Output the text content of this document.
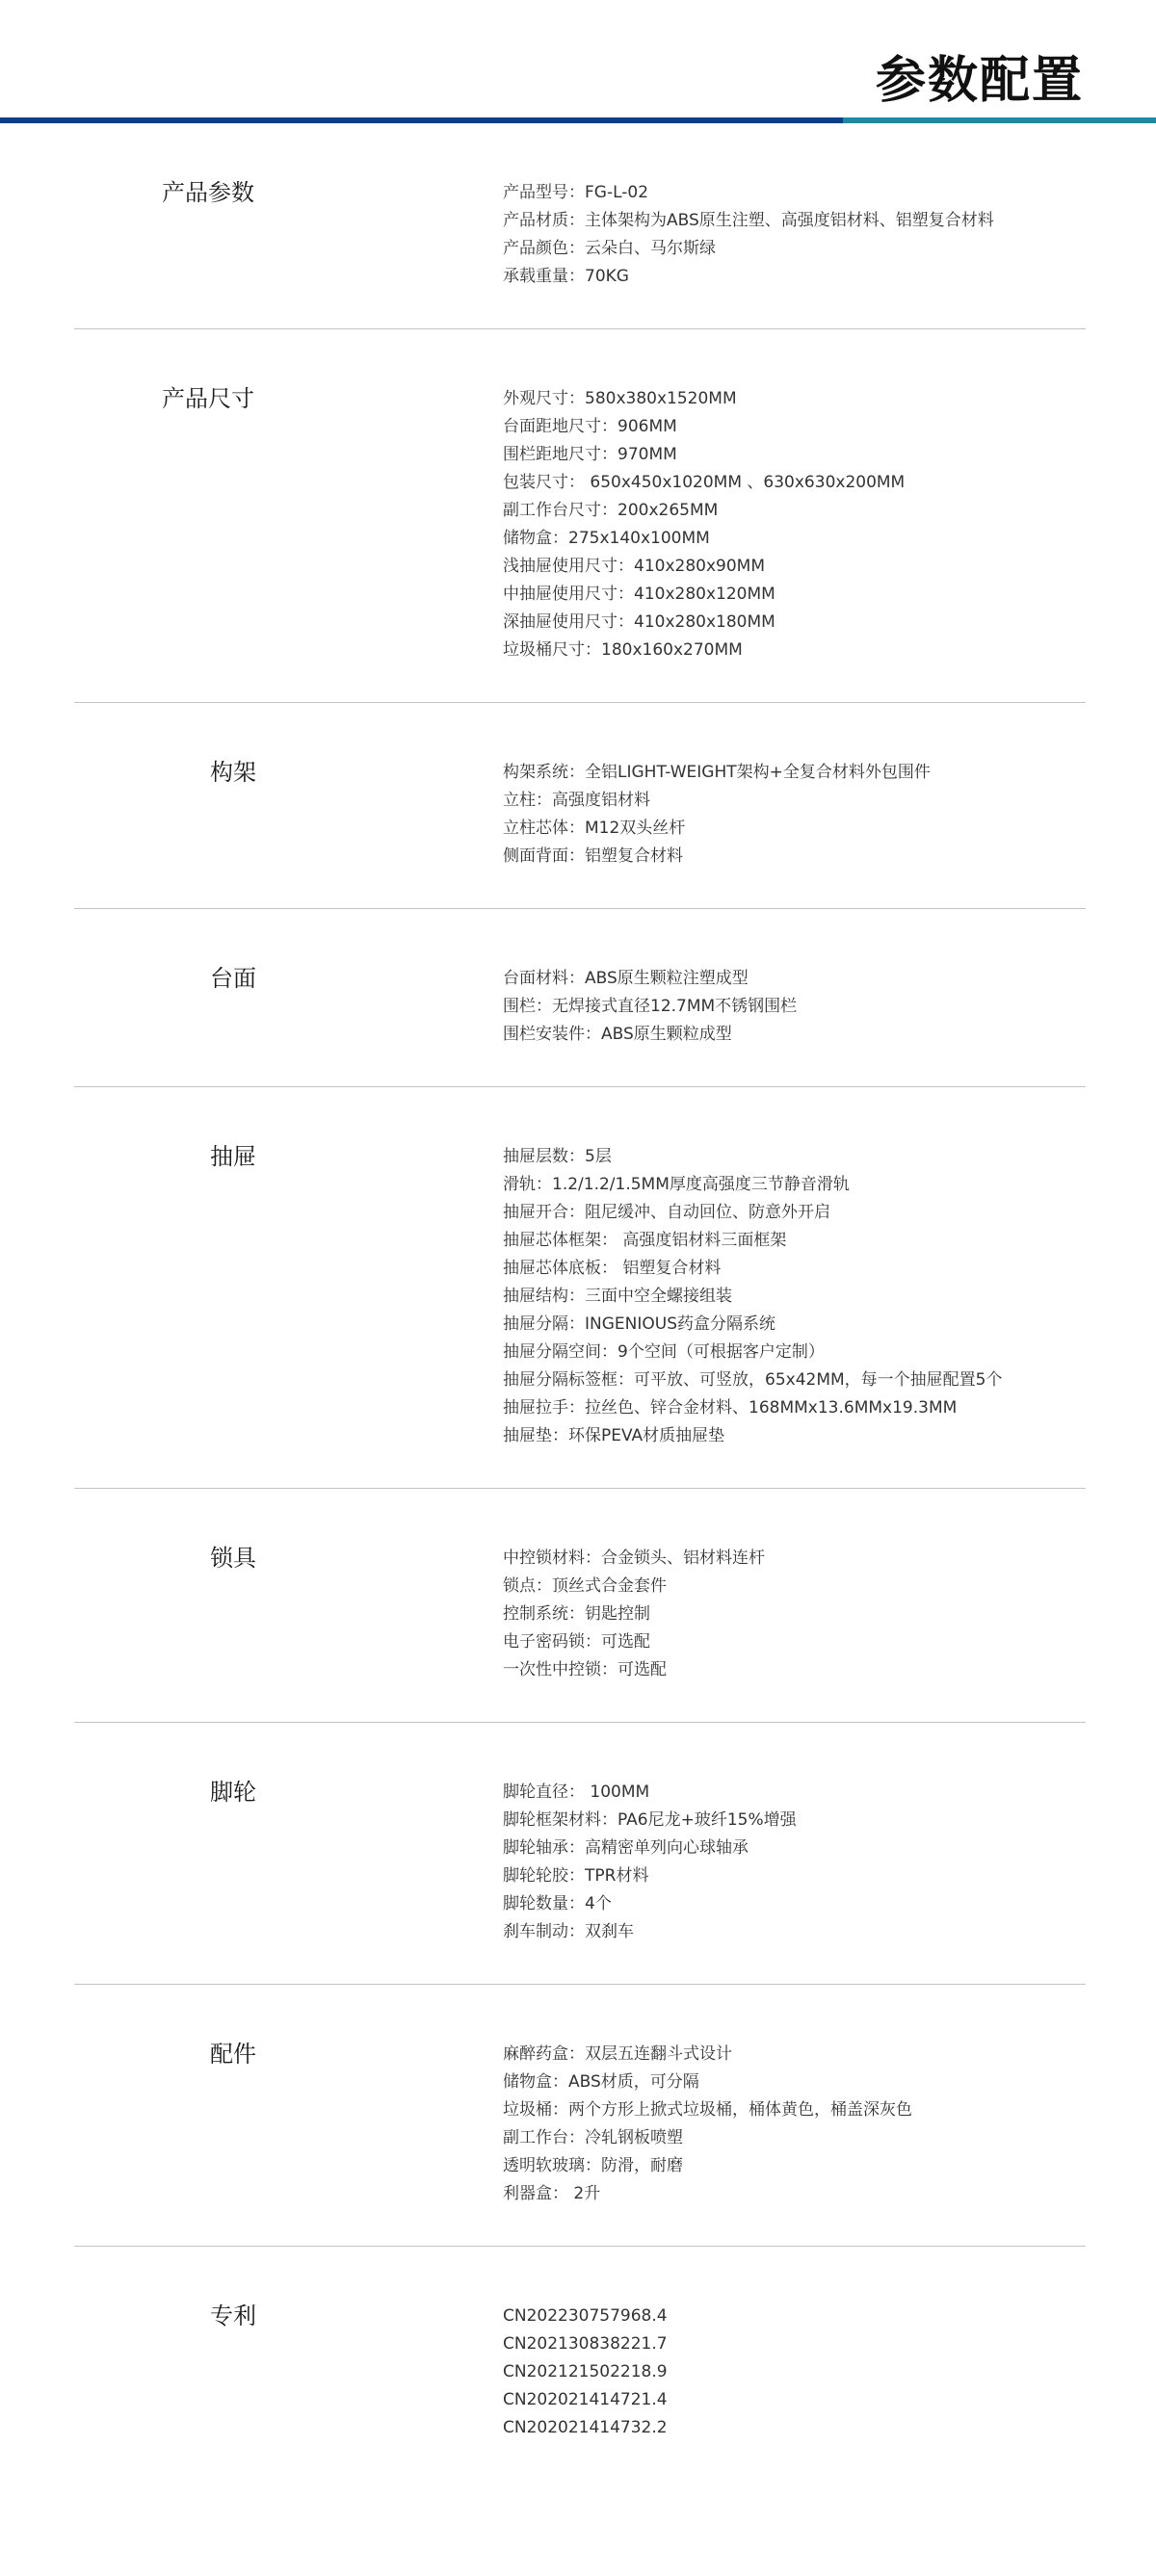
参数配置
产品参数	产品型号：FG-L-02
产品材质：主体架构为ABS原生注塑、高强度铝材料、铝塑复合材料
产品颜色：云朵白、马尔斯绿
承载重量：70KG
产品尺寸	外观尺寸：580x380x1520MM
台面距地尺寸：906MM
围栏距地尺寸：970MM
包装尺寸： 650x450x1020MM 、630x630x200MM
副工作台尺寸：200x265MM
储物盒：275x140x100MM
浅抽屉使用尺寸：410x280x90MM
中抽屉使用尺寸：410x280x120MM
深抽屉使用尺寸：410x280x180MM
垃圾桶尺寸：180x160x270MM
构架	构架系统：全铝LIGHT-WEIGHT架构+全复合材料外包围件
立柱：高强度铝材料
立柱芯体：M12双头丝杆
侧面背面：铝塑复合材料
台面	台面材料：ABS原生颗粒注塑成型
围栏：无焊接式直径12.7MM不锈钢围栏
围栏安装件：ABS原生颗粒成型
抽屉	抽屉层数：5层
滑轨：1.2/1.2/1.5MM厚度高强度三节静音滑轨
抽屉开合：阻尼缓冲、自动回位、防意外开启
抽屉芯体框架： 高强度铝材料三面框架
抽屉芯体底板： 铝塑复合材料
抽屉结构：三面中空全螺接组装
抽屉分隔：INGENIOUS药盒分隔系统
抽屉分隔空间：9个空间（可根据客户定制）
抽屉分隔标签框：可平放、可竖放，65x42MM，每一个抽屉配置5个
抽屉拉手：拉丝色、锌合金材料、168MMx13.6MMx19.3MM
抽屉垫：环保PEVA材质抽屉垫
锁具	中控锁材料：合金锁头、铝材料连杆
锁点：顶丝式合金套件
控制系统：钥匙控制
电子密码锁：可选配
一次性中控锁：可选配
脚轮	脚轮直径： 100MM
脚轮框架材料：PA6尼龙+玻纤15%增强
脚轮轴承：高精密单列向心球轴承
脚轮轮胶：TPR材料
脚轮数量：4个
刹车制动：双刹车
配件	麻醉药盒：双层五连翻斗式设计
储物盒：ABS材质，可分隔
垃圾桶：两个方形上掀式垃圾桶，桶体黄色，桶盖深灰色
副工作台：冷轧钢板喷塑
透明软玻璃：防滑，耐磨
利器盒： 2升
专利	CN202230757968.4
CN202130838221.7
CN202121502218.9
CN202021414721.4
CN202021414732.2
